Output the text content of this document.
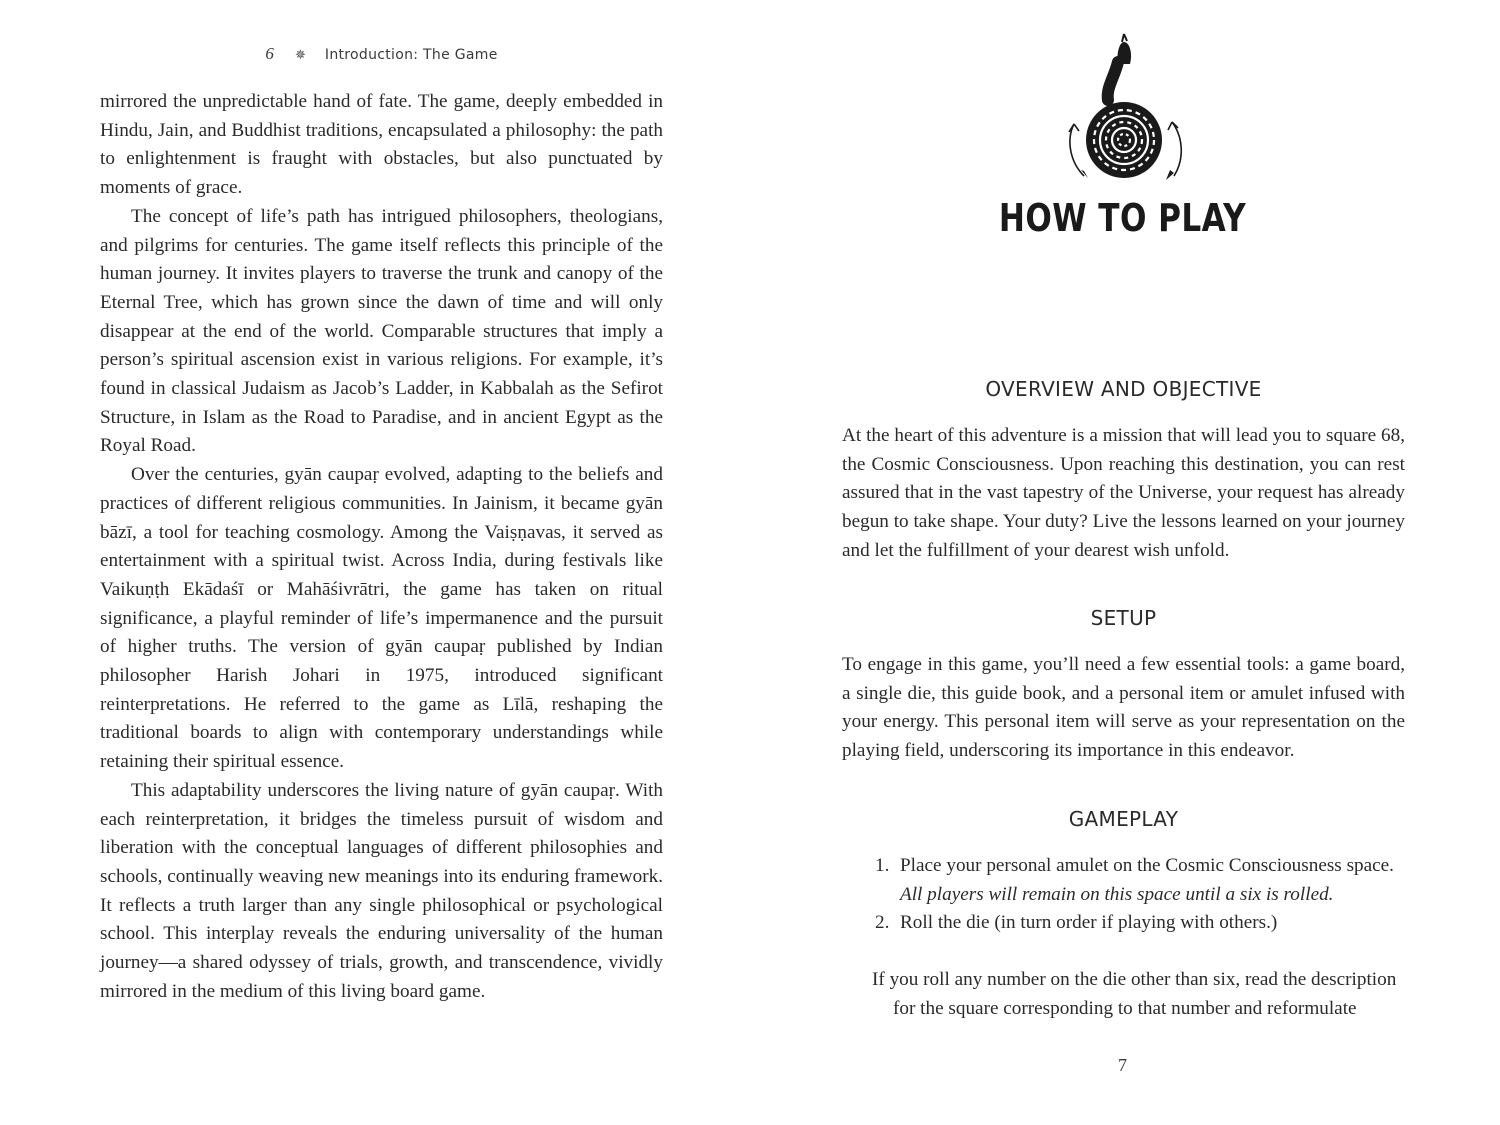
6 ✵ Introduction: The Game

mirrored the unpredictable hand of fate. The game, deeply embedded in Hindu, Jain, and Buddhist traditions, encapsulated a philosophy: the path to enlightenment is fraught with obstacles, but also punctuated by moments of grace.

The concept of life’s path has intrigued philosophers, theologians, and pilgrims for centuries. The game itself reflects this principle of the human journey. It invites players to traverse the trunk and canopy of the Eternal Tree, which has grown since the dawn of time and will only disappear at the end of the world. Comparable structures that imply a person’s spiritual ascension exist in various religions. For example, it’s found in classical Judaism as Jacob’s Ladder, in Kabbalah as the Sefirot Structure, in Islam as the Road to Paradise, and in ancient Egypt as the Royal Road.

Over the centuries, gyān caupaṛ evolved, adapting to the beliefs and practices of different religious communities. In Jainism, it became gyān bāzī, a tool for teaching cosmology. Among the Vaiṣṇavas, it served as entertainment with a spiritual twist. Across India, during festivals like Vaikuṇṭh Ekādaśī or Mahāśivrātri, the game has taken on ritual significance, a playful reminder of life’s impermanence and the pursuit of higher truths. The version of gyān caupaṛ published by Indian philosopher Harish Johari in 1975, introduced significant reinterpretations. He referred to the game as Līlā, reshaping the traditional boards to align with contemporary understandings while retaining their spiritual essence.

This adaptability underscores the living nature of gyān caupaṛ. With each reinterpretation, it bridges the timeless pursuit of wisdom and liberation with the conceptual languages of different philosophies and schools, continually weaving new meanings into its enduring framework. It reflects a truth larger than any single philosophical or psychological school. This interplay reveals the enduring universality of the human journey—a shared odyssey of trials, growth, and transcendence, vividly mirrored in the medium of this living board game.

HOW TO PLAY
OVERVIEW AND OBJECTIVE

At the heart of this adventure is a mission that will lead you to square 68, the Cosmic Consciousness. Upon reaching this destination, you can rest assured that in the vast tapestry of the Universe, your request has already begun to take shape. Your duty? Live the lessons learned on your journey and let the fulfillment of your dearest wish unfold.

SETUP

To engage in this game, you’ll need a few essential tools: a game board, a single die, this guide book, and a personal item or amulet infused with your energy. This personal item will serve as your representation on the playing field, underscoring its importance in this endeavor.

GAMEPLAY
1. Place your personal amulet on the Cosmic Consciousness space.
All players will remain on this space until a six is rolled.
2. Roll the die (in turn order if playing with others.)

If you roll any number on the die other than six, read the description
for the square corresponding to that number and reformulate

7
